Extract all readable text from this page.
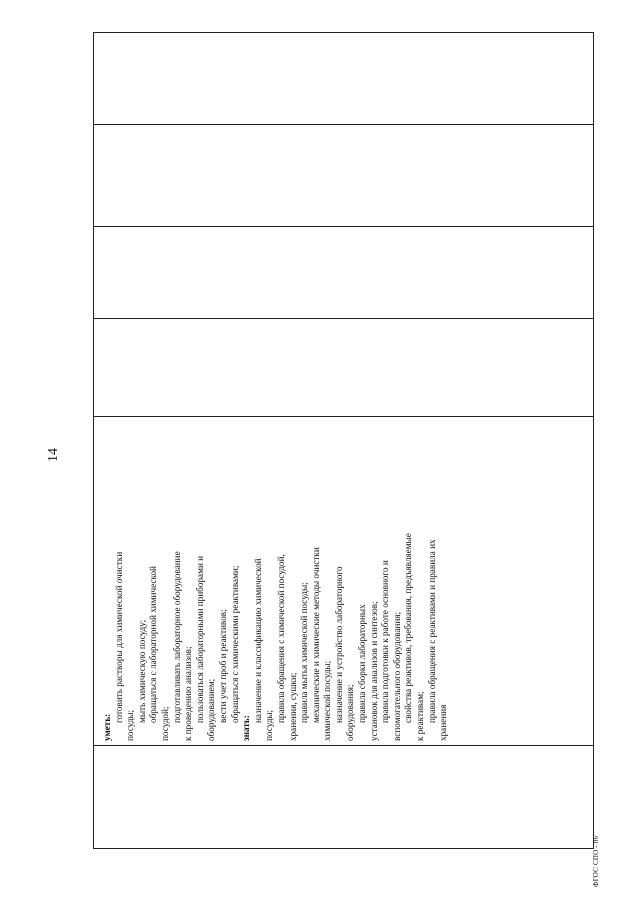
14
уметь:
готовить растворы для химической очистки
посуды;
мыть химическую посуду; обращаться с лабораторной химической
посудой;
подготавливать лабораторное оборудование к проведению анализов; пользоваться лабораторными приборами и оборудованием; вести учет проб и реактивов; обращаться с химическими реактивами;
знать:
назначение и классификацию химической
посуды;
правила обращения с химической посудой, хранения, сушки; правила мытья химической посуды; механические и химические методы очистки химической посуды; назначение и устройство лабораторного оборудования; правила сборки лабораторных установок для анализов и синтезов; правила подготовки к работе основного и вспомогательного оборудования; свойства реактивов, требования, предъявляемые к реактивам; правила обращения с реактивами и правила их хранения
ФГОС СПО - 06
